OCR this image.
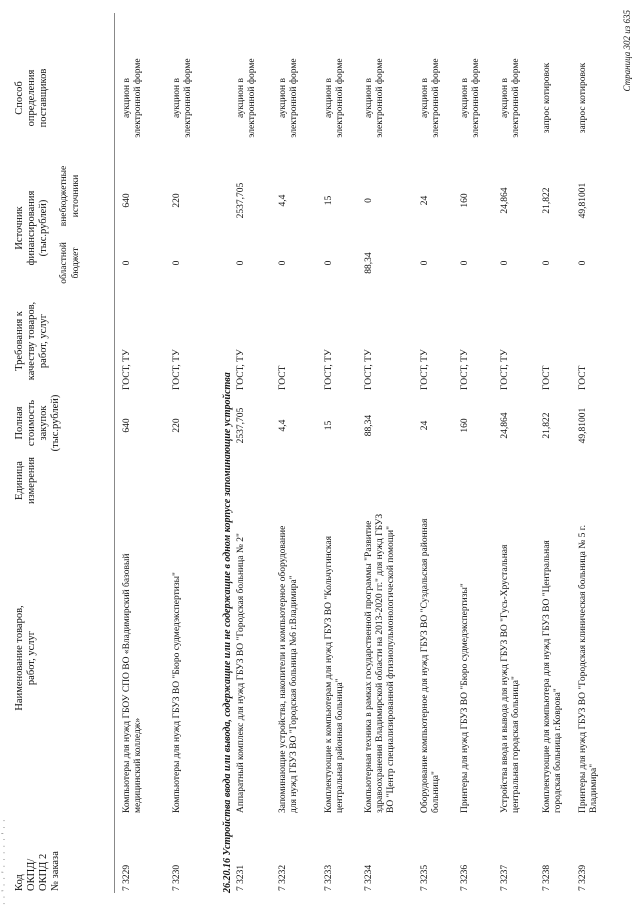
· · ' · · ' · · · · · ' · · Код
ОКПД/
ОКПД 2
№ заказа
Наименование товаров,
работ, услуг
Единица
измерения
Полная
стоимость
закупок
(тыс.рублей)
Требования к
качеству товаров,
работ, услуг
Источник
финансирования
(тыс.рублей)
областной
бюджет
внебюджетные
источники
Способ
определения
поставщиков
7 3229
Компьютеры для нужд ГБОУ СПО ВО «Владимирский базовый медицинский колледж»
640
ГОСТ, ТУ
0
640
аукцион в электронной форме
7 3230
Компьютеры для нужд ГБУЗ ВО "Бюро судмедэкспертизы"
220
ГОСТ, ТУ
0
220
аукцион в электронной форме
26.20.16 Устройства ввода или вывода, содержащие или не содержащие в одном корпусе запоминающие устройства 7 3231
Аппаратный комплекс для нужд ГБУЗ ВО "Городская больница № 2"
2537,705
ГОСТ, ТУ
0
2537,705
аукцион в электронной форме
7 3232
Запоминающие устройства, накопители и компьютерное оборудование для нужд ГБУЗ ВО "Городская больница №6 г.Владимира"
4,4
ГОСТ
0
4,4
аукцион в электронной форме
7 3233
Комплектующие к компьютерам для нужд ГБУЗ ВО "Кольчугинская центральная районная больница"
15
ГОСТ, ТУ
0
15
аукцион в электронной форме
7 3234
Компьютерная техника в рамках государственной программы "Развитие здравоохранения Владимирской области на 2013-2020 гг." для нужд ГБУЗ ВО "Центр специализированной фтизиопульмонологической помощи"
88,34
ГОСТ, ТУ
88,34
0
аукцион в электронной форме
7 3235
Оборудование компьютерное для нужд ГБУЗ ВО "Суздальская районная больница"
24
ГОСТ, ТУ
0
24
аукцион в электронной форме
7 3236
Принтеры для нужд ГБУЗ ВО "Бюро судмедэкспертизы"
160
ГОСТ, ТУ
0
160
аукцион в электронной форме
7 3237
Устройства ввода и вывода для нужд ГБУЗ ВО "Гусь-Хрустальная центральная городская больница"
24,864
ГОСТ, ТУ
0
24,864
аукцион в электронной форме
7 3238
Комплектующие для компьютера для нужд ГБУЗ ВО "Центральная городская больница г.Коврова"
21,822
ГОСТ
0
21,822
запрос котировок
7 3239
Принтеры для нужд ГБУЗ ВО "Городская клиническая больница № 5 г. Владимира"
49,81001
ГОСТ
0
49,81001
запрос котировок
Страница 302 из 635
